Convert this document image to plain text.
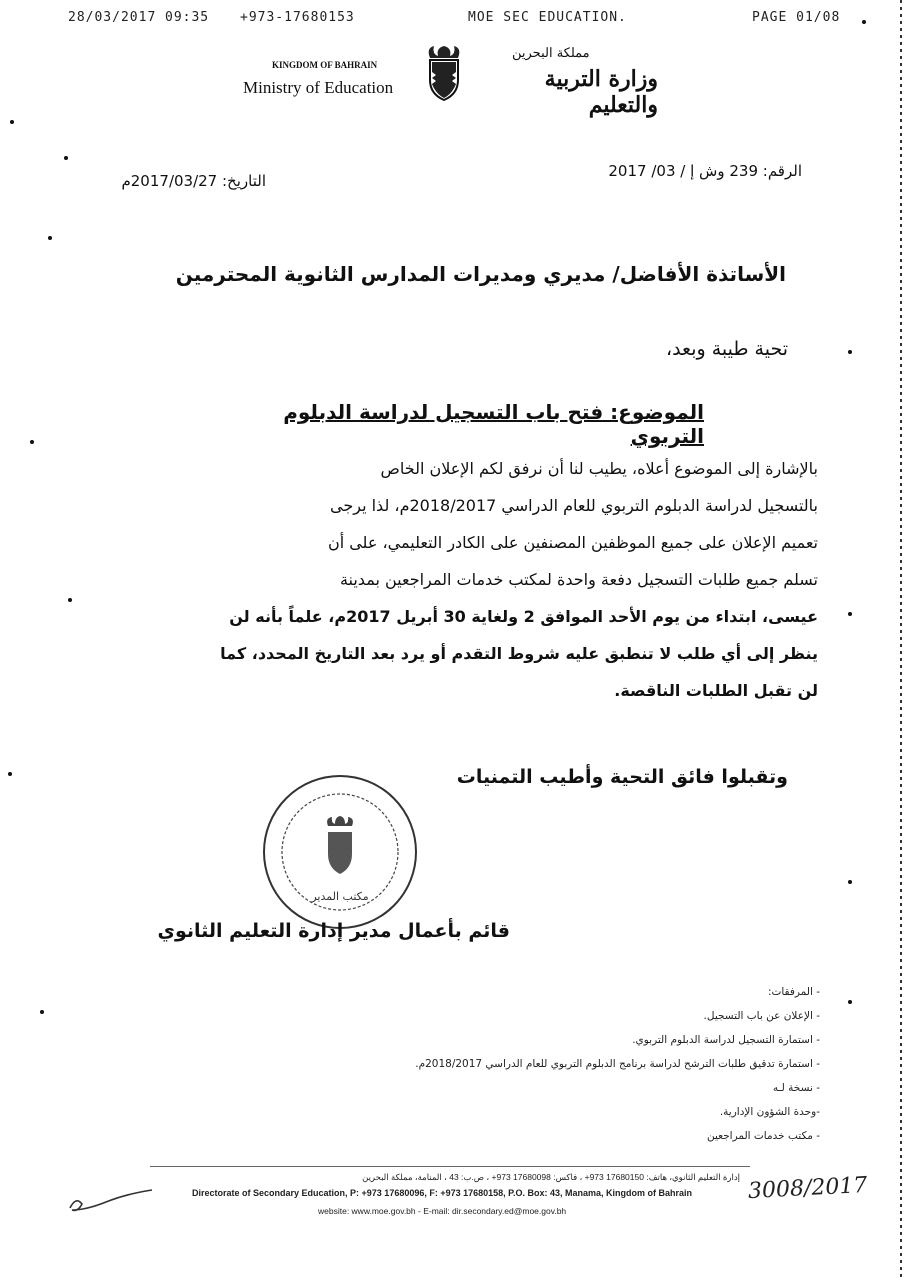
28/03/2017 09:35 +973-17680153	MOE SEC EDUCATION.	PAGE 01/08
KINGDOM OF BAHRAIN
Ministry of Education
مملكة البحرين
وزارة التربية والتعليم
الرقم: 239 وش إ / 03/ 2017
التاريخ: 2017/03/27م
الأساتذة الأفاضل/ مديري ومديرات المدارس الثانوية المحترمين
تحية طيبة وبعد،
الموضوع: فتح باب التسجيل لدراسة الدبلوم التربوي
بالإشارة إلى الموضوع أعلاه، يطيب لنا أن نرفق لكم الإعلان الخاص
بالتسجيل لدراسة الدبلوم التربوي للعام الدراسي 2018/2017م، لذا يرجى
تعميم الإعلان على جميع الموظفين المصنفين على الكادر التعليمي، على أن
تسلم جميع طلبات التسجيل دفعة واحدة لمكتب خدمات المراجعين بمدينة
عيسى، ابتداء من يوم الأحد الموافق 2 ولغاية 30 أبريل 2017م، علماً بأنه لن
ينظر إلى أي طلب لا تنطبق عليه شروط التقدم أو يرد بعد التاريخ المحدد، كما
لن تقبل الطلبات الناقصة.
وتقبلوا فائق التحية وأطيب التمنيات
مكتب المدير
قائم بأعمال مدير إدارة التعليم الثانوي
- المرفقات:
- الإعلان عن باب التسجيل.
- استمارة التسجيل لدراسة الدبلوم التربوي.
- استمارة تدقيق طلبات الترشح لدراسة برنامج الدبلوم التربوي للعام الدراسي 2018/2017م.
- نسخة لـه
-وحدة الشؤون الإدارية.
- مكتب خدمات المراجعين
إدارة التعليم الثانوي، هاتف: 17680150 973+ ، فاكس: 17680098 973+ ، ص.ب: 43 ، المنامة، مملكة البحرين
Directorate of Secondary Education, P: +973 17680096, F: +973 17680158, P.O. Box: 43, Manama, Kingdom of Bahrain
website: www.moe.gov.bh - E-mail: dir.secondary.ed@moe.gov.bh
3008/2017
